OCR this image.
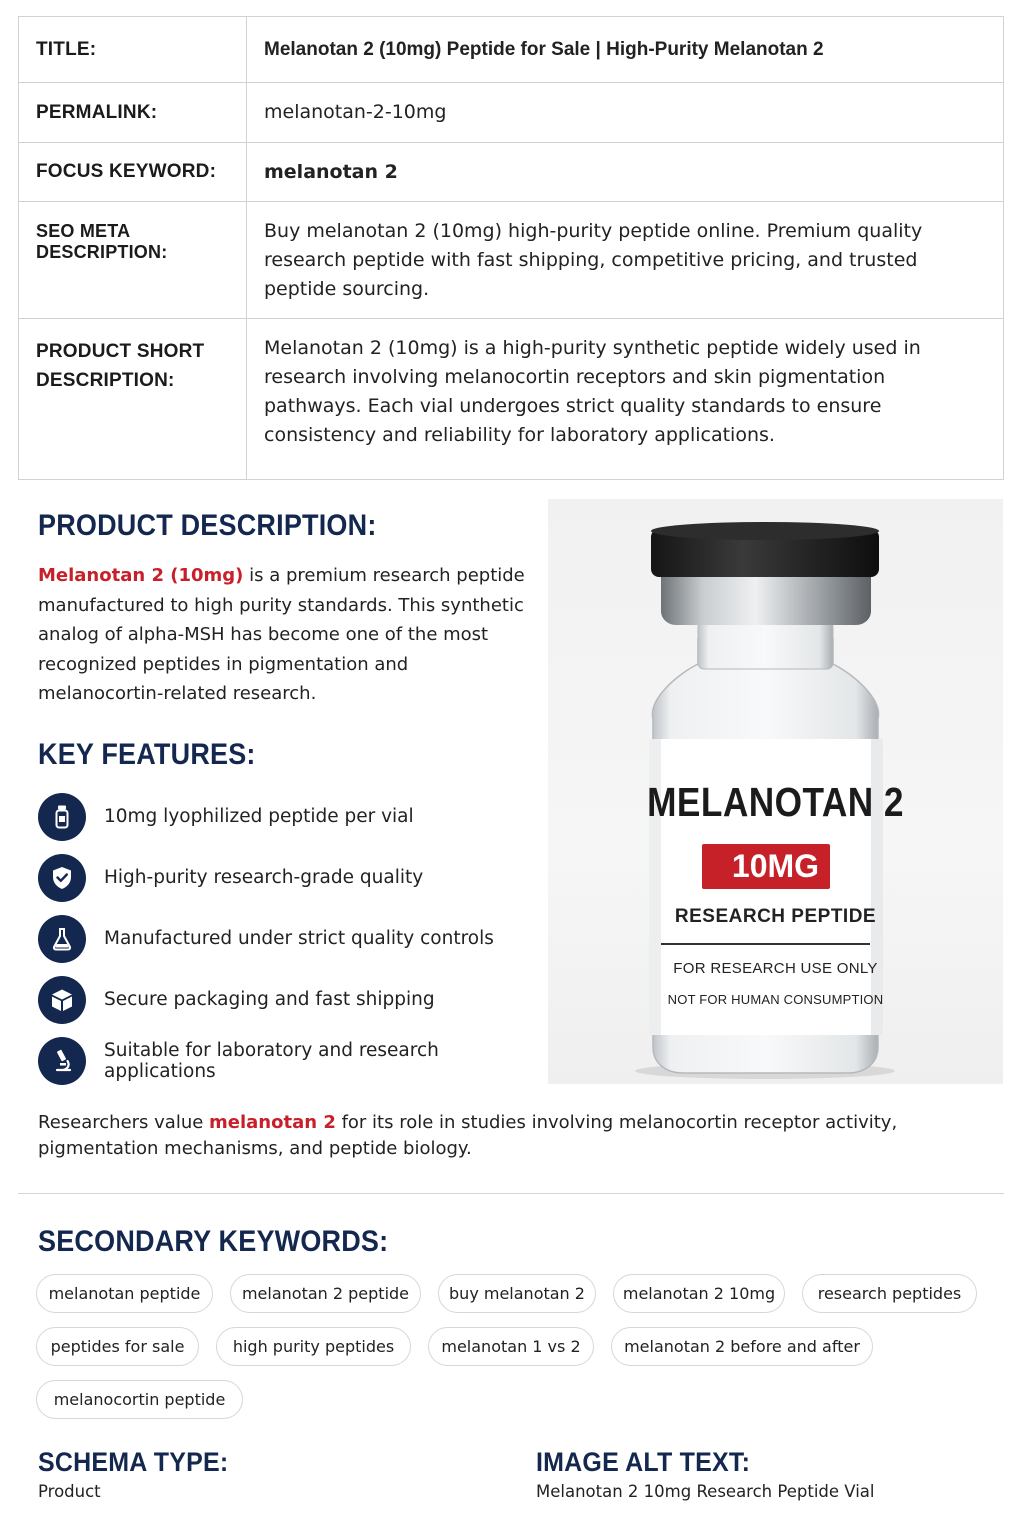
TITLE:	Melanotan 2 (10mg) Peptide for Sale | High-Purity Melanotan 2
PERMALINK:	melanotan-2-10mg
FOCUS KEYWORD:	melanotan 2
SEO META DESCRIPTION:	Buy melanotan 2 (10mg) high-purity peptide online. Premium quality research peptide with fast shipping, competitive pricing, and trusted peptide sourcing.

PRODUCT SHORT
DESCRIPTION:	Melanotan 2 (10mg) is a high-purity synthetic peptide widely used in research involving melanocortin receptors and skin pigmentation pathways. Each vial undergoes strict quality standards to ensure consistency and reliability for laboratory applications.
PRODUCT DESCRIPTION:
Melanotan 2 (10mg) is a premium research peptide manufactured to high purity standards. This synthetic analog of alpha-MSH has become one of the most recognized peptides in pigmentation and melanocortin-related research.
KEY FEATURES:
10mg lyophilized peptide per vial
High-purity research-grade quality
Manufactured under strict quality controls
Secure packaging and fast shipping
Suitable for laboratory and research applications
MELANOTAN 2
10MG
RESEARCH PEPTIDE
FOR RESEARCH USE ONLY
NOT FOR HUMAN CONSUMPTION
Researchers value melanotan 2 for its role in studies involving melanocortin receptor activity, pigmentation mechanisms, and peptide biology.
SECONDARY KEYWORDS:
melanotan peptide	melanotan 2 peptide	buy melanotan 2	melanotan 2 10mg	research peptides
peptides for sale	high purity peptides	melanotan 1 vs 2	melanotan 2 before and after
melanocortin peptide
SCHEMA TYPE:
Product
IMAGE ALT TEXT:
Melanotan 2 10mg Research Peptide Vial
